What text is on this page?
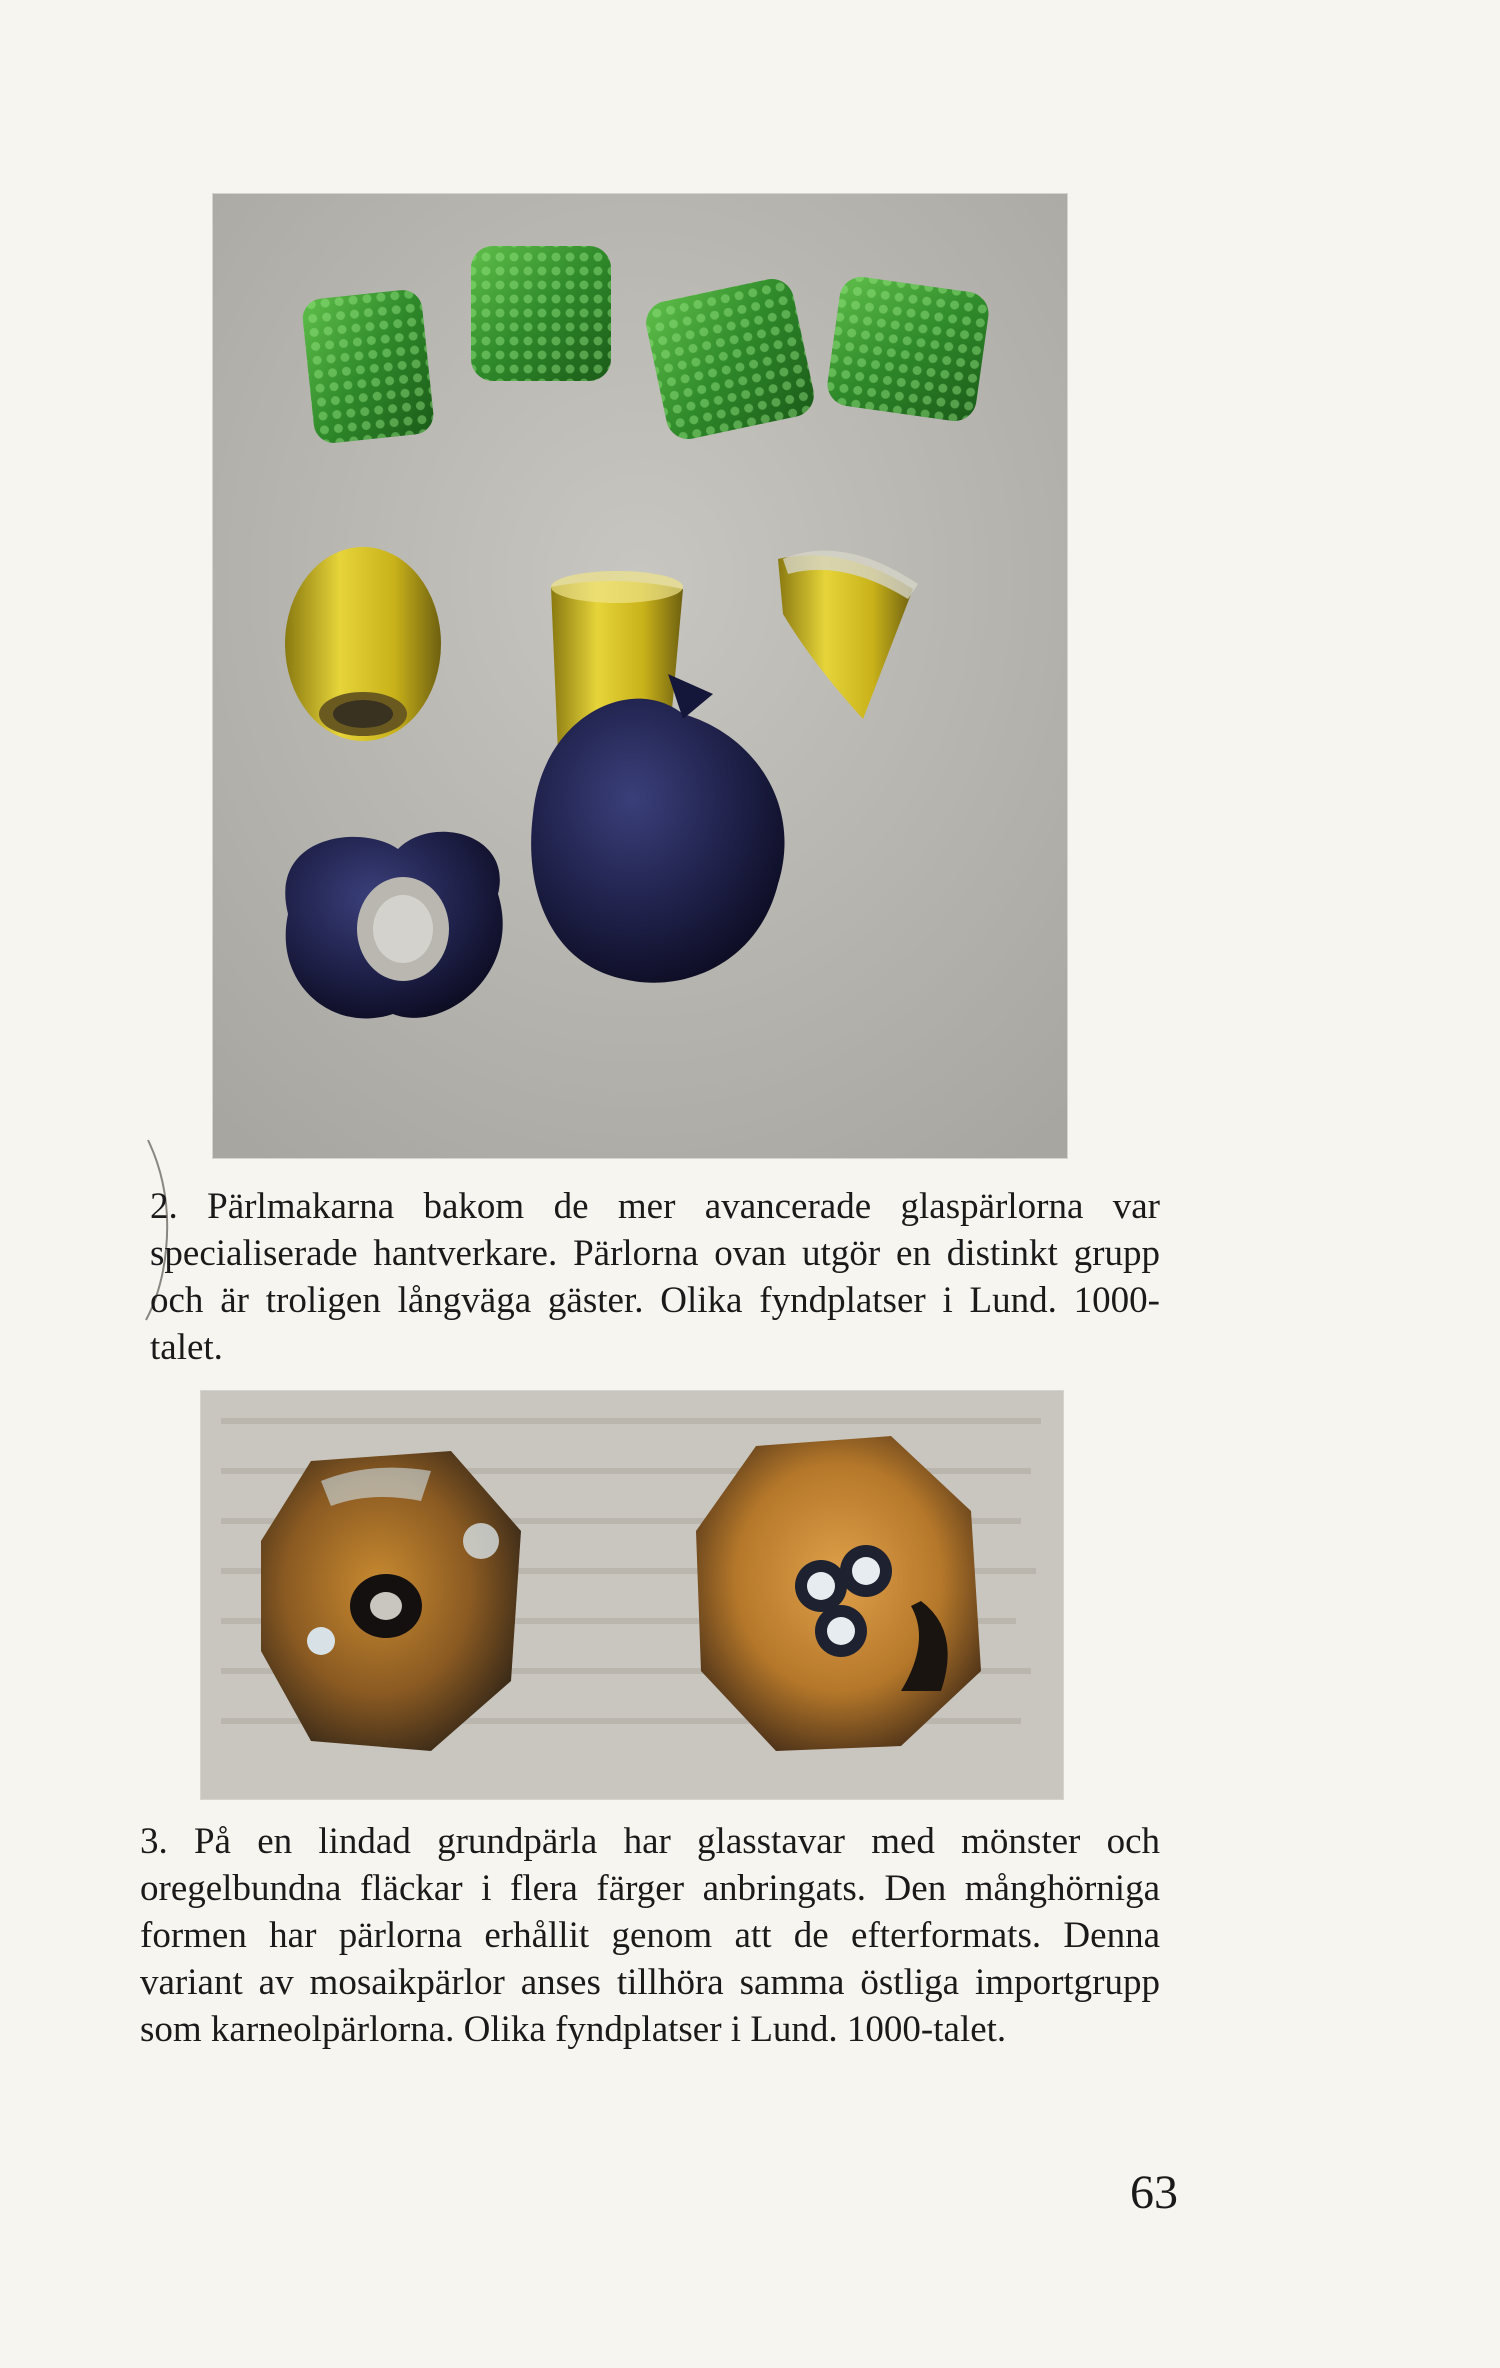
2. Pärlmakarna bakom de mer avancerade glaspärlorna var specialiserade hantverkare. Pärlorna ovan utgör en distinkt grupp och är troligen långväga gäster. Olika fyndplatser i Lund. 1000-talet.

3. På en lindad grundpärla har glasstavar med mönster och oregelbundna fläckar i flera färger anbringats. Den månghörniga formen har pärlorna erhållit genom att de efterformats. Denna variant av mosaikpärlor anses tillhöra samma östliga importgrupp som karneolpärlorna. Olika fyndplatser i Lund. 1000-talet.

63
